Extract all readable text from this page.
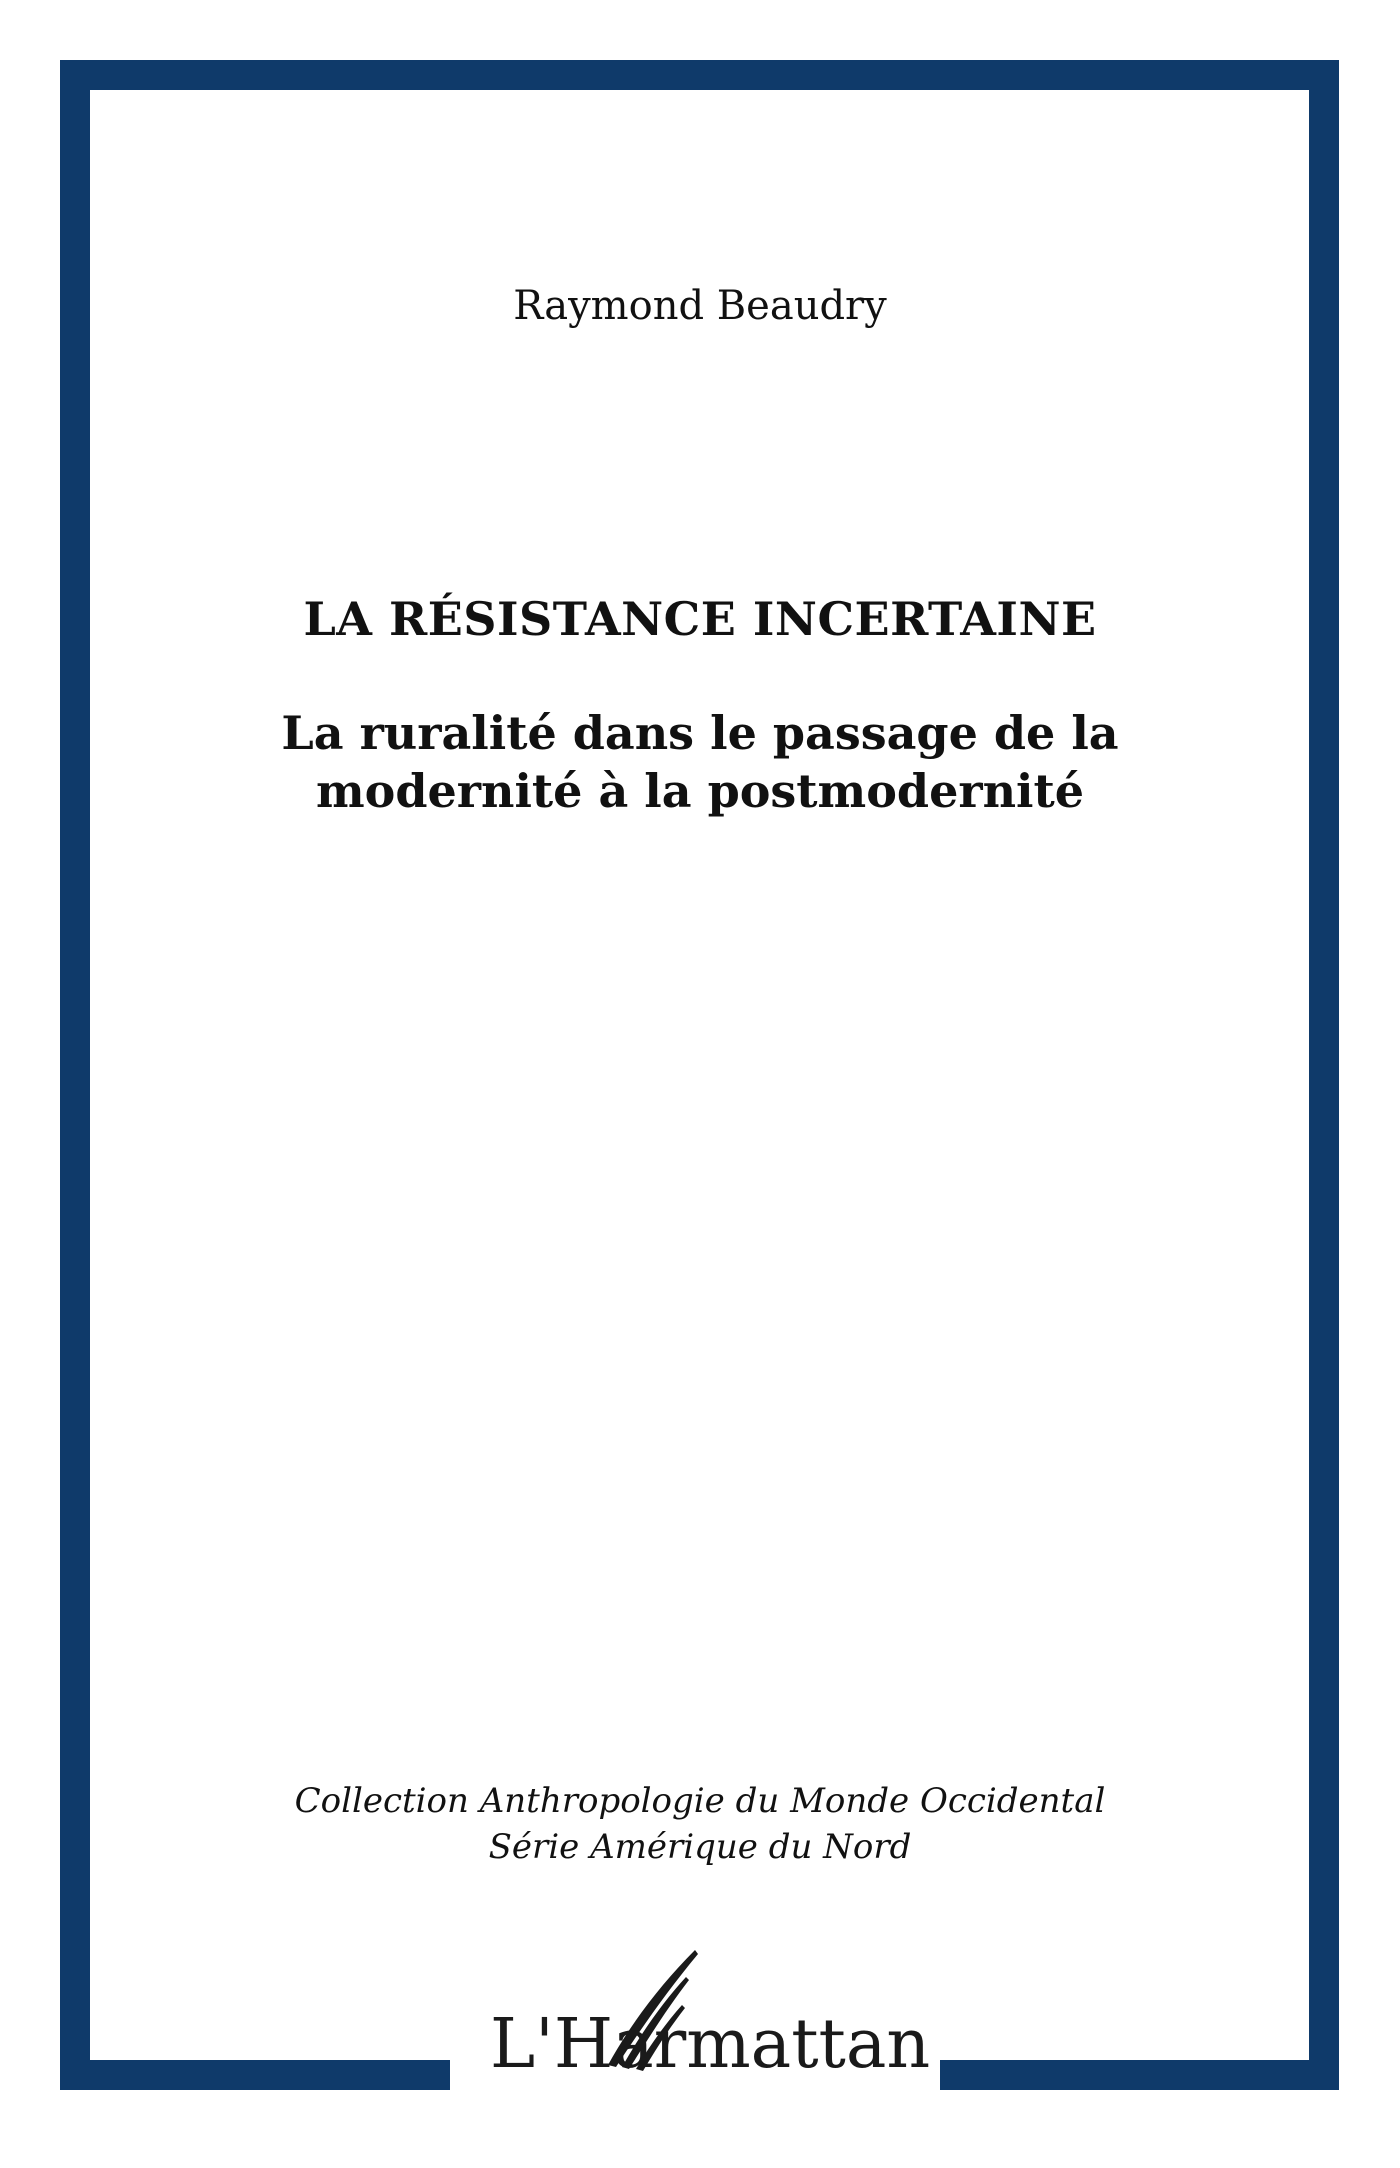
Raymond Beaudry
LA RÉSISTANCE INCERTAINE
La ruralité dans le passage de la
modernité à la postmodernité
Collection Anthropologie du Monde Occidental
Série Amérique du Nord
L'Harmattan
